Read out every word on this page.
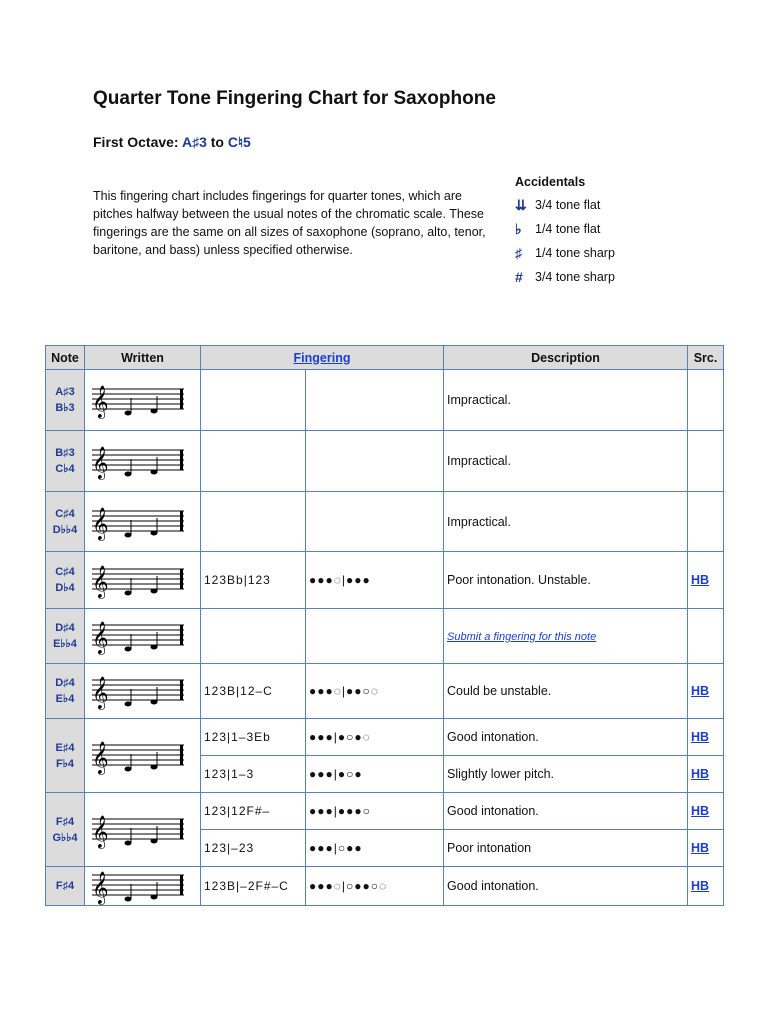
Quarter Tone Fingering Chart for Saxophone
First Octave: A♯3 to C♮5
This fingering chart includes fingerings for quarter tones, which are pitches halfway between the usual notes of the chromatic scale. These fingerings are the same on all sizes of saxophone (soprano, alto, tenor, baritone, and bass) unless specified otherwise.
Accidentals
⇊ 3/4 tone flat
♭	1/4 tone flat
♯	1/4 tone sharp
# 3/4 tone sharp
Note	Written	Fingering		Description	Src.

A♯3
B♭3	𝄞			Impractical.	

B♯3
C♭4	𝄞			Impractical.	

C♯4
D♭♭4	𝄞			Impractical.	

C♯4
D♭4	𝄞	123Bb|123	●●●◌|●●●	Poor intonation. Unstable.	HB

D♯4
E♭♭4	𝄞			Submit a fingering for this note	

D♯4
E♭4	𝄞	123B|12–C	●●●◌|●●○◌	Could be unstable.	HB

E♯4
F♭4	𝄞	123|1–3Eb	●●●|●○●◌	Good intonation.	HB
		123|1–3	●●●|●○●	Slightly lower pitch.	HB

F♯4
G♭♭4	𝄞	123|12F#–	●●●|●●●○	Good intonation.	HB
		123|–23	●●●|○●●	Poor intonation	HB

F♯4	𝄞	123B|–2F#–C	●●●◌|○●●○◌	Good intonation.	HB
